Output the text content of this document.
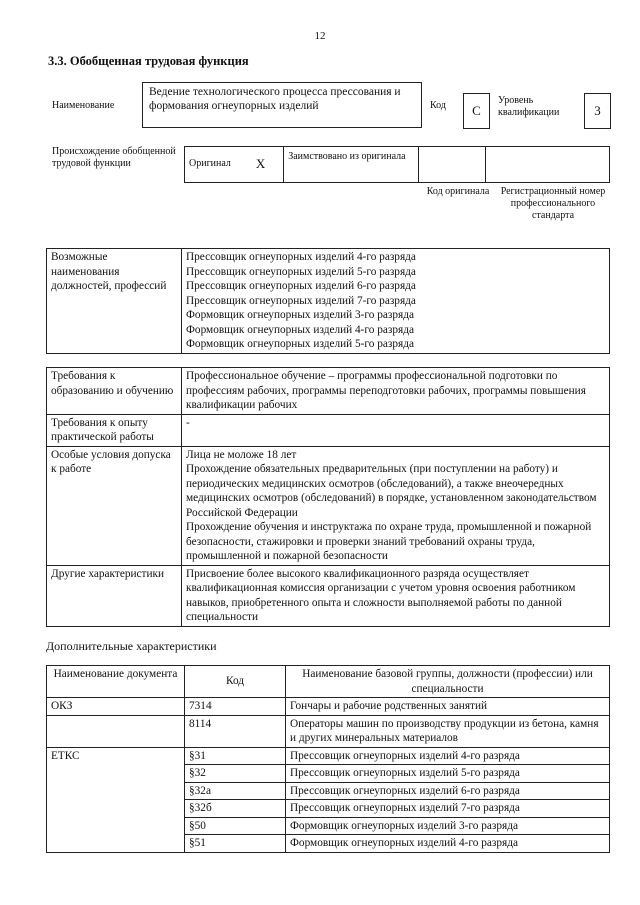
12
3.3. Обобщенная трудовая функция
Наименование
Ведение технологического процесса прессования и формования огнеупорных изделий	Код	C
Уровень квалификации	3
Происхождение обобщенной трудовой функции	Оригинал	X	Заимствовано из оригинала		
Код оригинала	Регистрационный номер профессионального стандарта
Возможные наименования должностей, профессий	
Прессовщик огнеупорных изделий 4-го разряда
Прессовщик огнеупорных изделий 5-го разряда
Прессовщик огнеупорных изделий 6-го разряда
Прессовщик огнеупорных изделий 7-го разряда
Формовщик огнеупорных изделий 3-го разряда
Формовщик огнеупорных изделий 4-го разряда
Формовщик огнеупорных изделий 5-го разряда
Требования к образованию и обучению	Профессиональное обучение – программы профессиональной подготовки по профессиям рабочих, программы переподготовки рабочих, программы повышения квалификации рабочих

Требования к опыту практической работы	-

Особые условия допуска к работе	Лица не моложе 18 лет
Прохождение обязательных предварительных (при поступлении на работу) и периодических медицинских осмотров (обследований), а также внеочередных медицинских осмотров (обследований) в порядке, установленном законодательством Российской Федерации
Прохождение обучения и инструктажа по охране труда, промышленной и пожарной безопасности, стажировки и проверки знаний требований охраны труда, промышленной и пожарной безопасности

Другие характеристики	Присвоение более высокого квалификационного разряда осуществляет квалификационная комиссия организации с учетом уровня освоения работником навыков, приобретенного опыта и сложности выполняемой работы по данной специальности
Дополнительные характеристики
Наименование документа	Код	Наименование базовой группы, должности (профессии) или специальности
ОКЗ	7314	Гончары и рабочие родственных занятий
	8114	Операторы машин по производству продукции из бетона, камня и других минеральных материалов
ЕТКС	§31	Прессовщик огнеупорных изделий 4-го разряда
	§32	Прессовщик огнеупорных изделий 5-го разряда
	§32а	Прессовщик огнеупорных изделий 6-го разряда
	§32б	Прессовщик огнеупорных изделий 7-го разряда
	§50	Формовщик огнеупорных изделий 3-го разряда
	§51	Формовщик огнеупорных изделий 4-го разряда
